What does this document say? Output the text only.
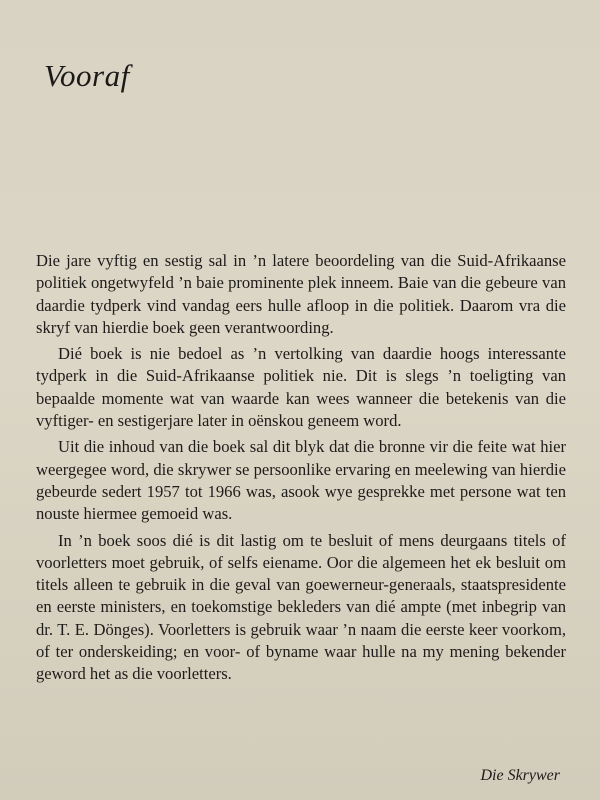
Vooraf

Die jare vyftig en sestig sal in ’n latere beoordeling van die Suid-Afrikaanse politiek ongetwyfeld ’n baie prominente plek inneem. Baie van die gebeure van daardie tydperk vind vandag eers hulle afloop in die politiek. Daarom vra die skryf van hierdie boek geen verantwoording.

Dié boek is nie bedoel as ’n vertolking van daardie hoogs interessante tydperk in die Suid-Afrikaanse politiek nie. Dit is slegs ’n toeligting van bepaalde momente wat van waarde kan wees wanneer die betekenis van die vyftiger- en sestigerjare later in oënskou geneem word.

Uit die inhoud van die boek sal dit blyk dat die bronne vir die feite wat hier weergegee word, die skrywer se persoonlike ervaring en meelewing van hierdie gebeurde sedert 1957 tot 1966 was, asook wye gesprekke met persone wat ten nouste hiermee gemoeid was.

In ’n boek soos dié is dit lastig om te besluit of mens deurgaans titels of voorletters moet gebruik, of selfs eiename. Oor die algemeen het ek besluit om titels alleen te gebruik in die geval van goewerneur-generaals, staatspresidente en eerste ministers, en toekomstige bekleders van dié ampte (met inbegrip van dr. T. E. Dönges). Voorletters is gebruik waar ’n naam die eerste keer voorkom, of ter onderskeiding; en voor- of byname waar hulle na my mening bekender geword het as die voorletters.

Die Skrywer
